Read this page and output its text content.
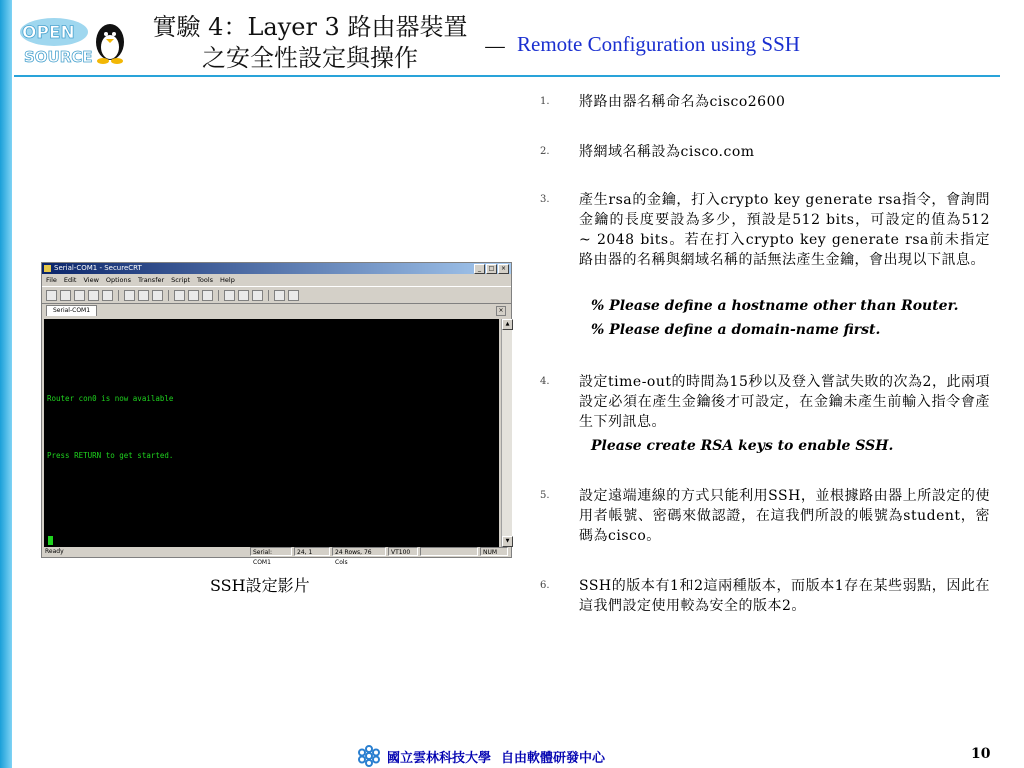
OPEN
SOURCE
實驗 4：Layer 3 路由器裝置之安全性設定與操作	－ Remote Configuration using SSH
Serial-COM1 - SecureCRT	_	□	×
File Edit View Options Transfer Script Tools Help
Serial-COM1	×
Router con0 is now available
Press RETURN to get started.
▲
▼
Ready	Serial: COM1
24, 1	24 Rows, 76 Cols
VT100	NUM
SSH設定影片
1. 將路由器名稱命名為cisco2600
2. 將網域名稱設為cisco.com
3. 產生rsa的金鑰，打入crypto key generate rsa指令，會詢問金鑰的長度要設為多少，預設是512 bits，可設定的值為512 ~ 2048 bits。若在打入crypto key generate rsa前未指定路由器的名稱與網域名稱的話無法產生金鑰，會出現以下訊息。
% Please define a hostname other than Router.
% Please define a domain-name first.
4. 設定time-out的時間為15秒以及登入嘗試失敗的次為2，此兩項設定必須在產生金鑰後才可設定，在金鑰未產生前輸入指令會產生下列訊息。
Please create RSA keys to enable SSH.
5. 設定遠端連線的方式只能利用SSH，並根據路由器上所設定的使用者帳號、密碼來做認證，在這我們所設的帳號為student，密碼為cisco。
6. SSH的版本有1和2這兩種版本，而版本1存在某些弱點，因此在這我們設定使用較為安全的版本2。
國立雲林科技大學 自由軟體研發中心	10
